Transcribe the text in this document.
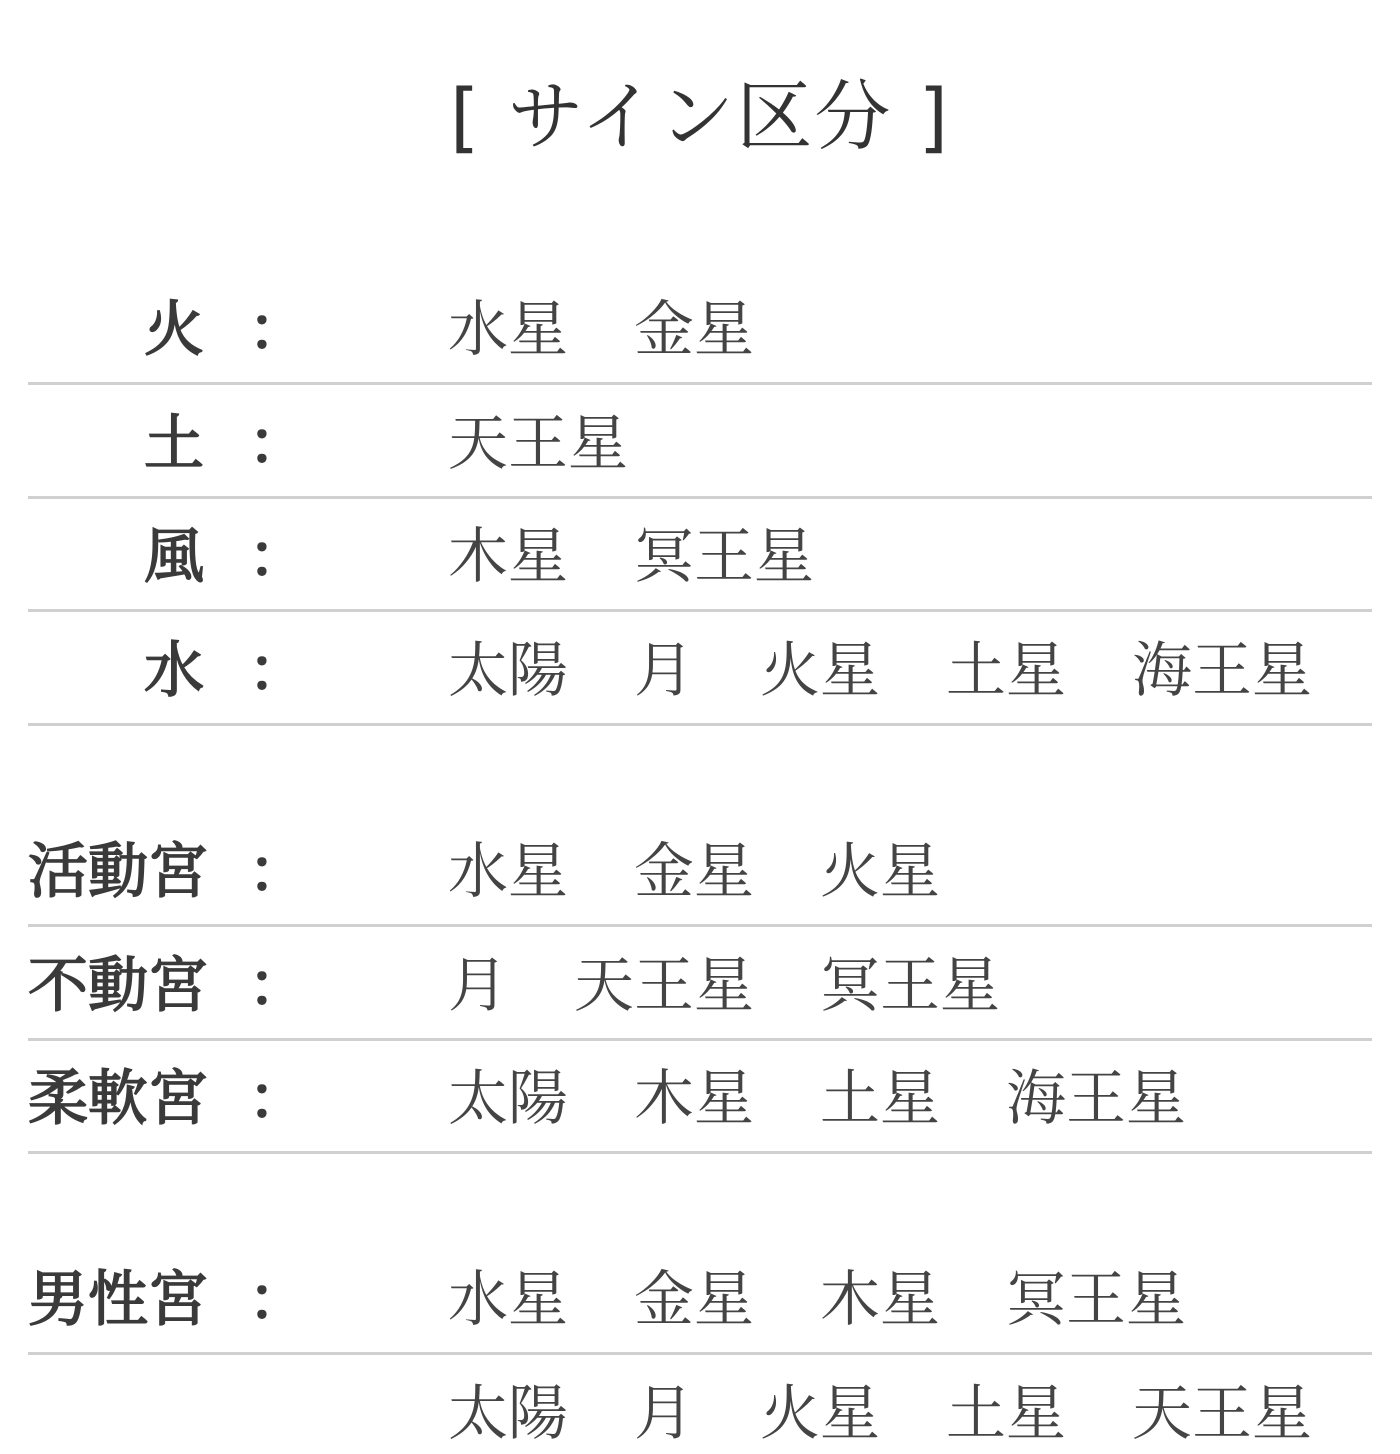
[ サイン区分 ]
火 ： 水星 金星
土 ： 天王星
風 ： 木星 冥王星
水 ： 太陽 月 火星 土星 海王星
活動宮 ： 水星 金星 火星
不動宮 ： 月 天王星 冥王星
柔軟宮 ： 太陽 木星 土星 海王星
男性宮 ： 水星 金星 木星 冥王星
太陽 月 火星 土星 天王星
